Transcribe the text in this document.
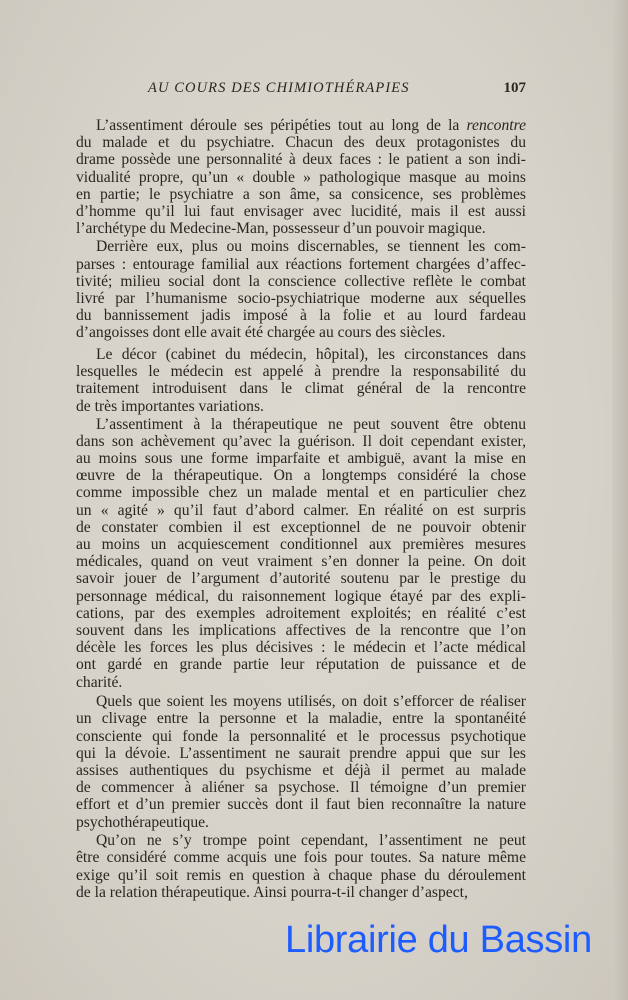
AU COURS DES CHIMIOTHÉRAPIES	107
L’assentiment déroule ses péripéties tout au long de la rencontre
du malade et du psychiatre. Chacun des deux protagonistes du
drame possède une personnalité à deux faces : le patient a son indi-
vidualité propre, qu’un « double » pathologique masque au moins
en partie; le psychiatre a son âme, sa consicence, ses problèmes
d’homme qu’il lui faut envisager avec lucidité, mais il est aussi
l’archétype du Medecine-Man, possesseur d’un pouvoir magique.
Derrière eux, plus ou moins discernables, se tiennent les com-
parses : entourage familial aux réactions fortement chargées d’affec-
tivité; milieu social dont la conscience collective reflète le combat
livré par l’humanisme socio-psychiatrique moderne aux séquelles
du bannissement jadis imposé à la folie et au lourd fardeau
d’angoisses dont elle avait été chargée au cours des siècles.
Le décor (cabinet du médecin, hôpital), les circonstances dans
lesquelles le médecin est appelé à prendre la responsabilité du
traitement introduisent dans le climat général de la rencontre
de très importantes variations.
L’assentiment à la thérapeutique ne peut souvent être obtenu
dans son achèvement qu’avec la guérison. Il doit cependant exister,
au moins sous une forme imparfaite et ambiguë, avant la mise en
œuvre de la thérapeutique. On a longtemps considéré la chose
comme impossible chez un malade mental et en particulier chez
un « agité » qu’il faut d’abord calmer. En réalité on est surpris
de constater combien il est exceptionnel de ne pouvoir obtenir
au moins un acquiescement conditionnel aux premières mesures
médicales, quand on veut vraiment s’en donner la peine. On doit
savoir jouer de l’argument d’autorité soutenu par le prestige du
personnage médical, du raisonnement logique étayé par des expli-
cations, par des exemples adroitement exploités; en réalité c’est
souvent dans les implications affectives de la rencontre que l’on
décèle les forces les plus décisives : le médecin et l’acte médical
ont gardé en grande partie leur réputation de puissance et de
charité.
Quels que soient les moyens utilisés, on doit s’efforcer de réaliser
un clivage entre la personne et la maladie, entre la spontanéité
consciente qui fonde la personnalité et le processus psychotique
qui la dévoie. L’assentiment ne saurait prendre appui que sur les
assises authentiques du psychisme et déjà il permet au malade
de commencer à aliéner sa psychose. Il témoigne d’un premier
effort et d’un premier succès dont il faut bien reconnaître la nature
psychothérapeutique.
Qu’on ne s’y trompe point cependant, l’assentiment ne peut
être considéré comme acquis une fois pour toutes. Sa nature même
exige qu’il soit remis en question à chaque phase du déroulement
de la relation thérapeutique. Ainsi pourra-t-il changer d’aspect,
Librairie du Bassin
